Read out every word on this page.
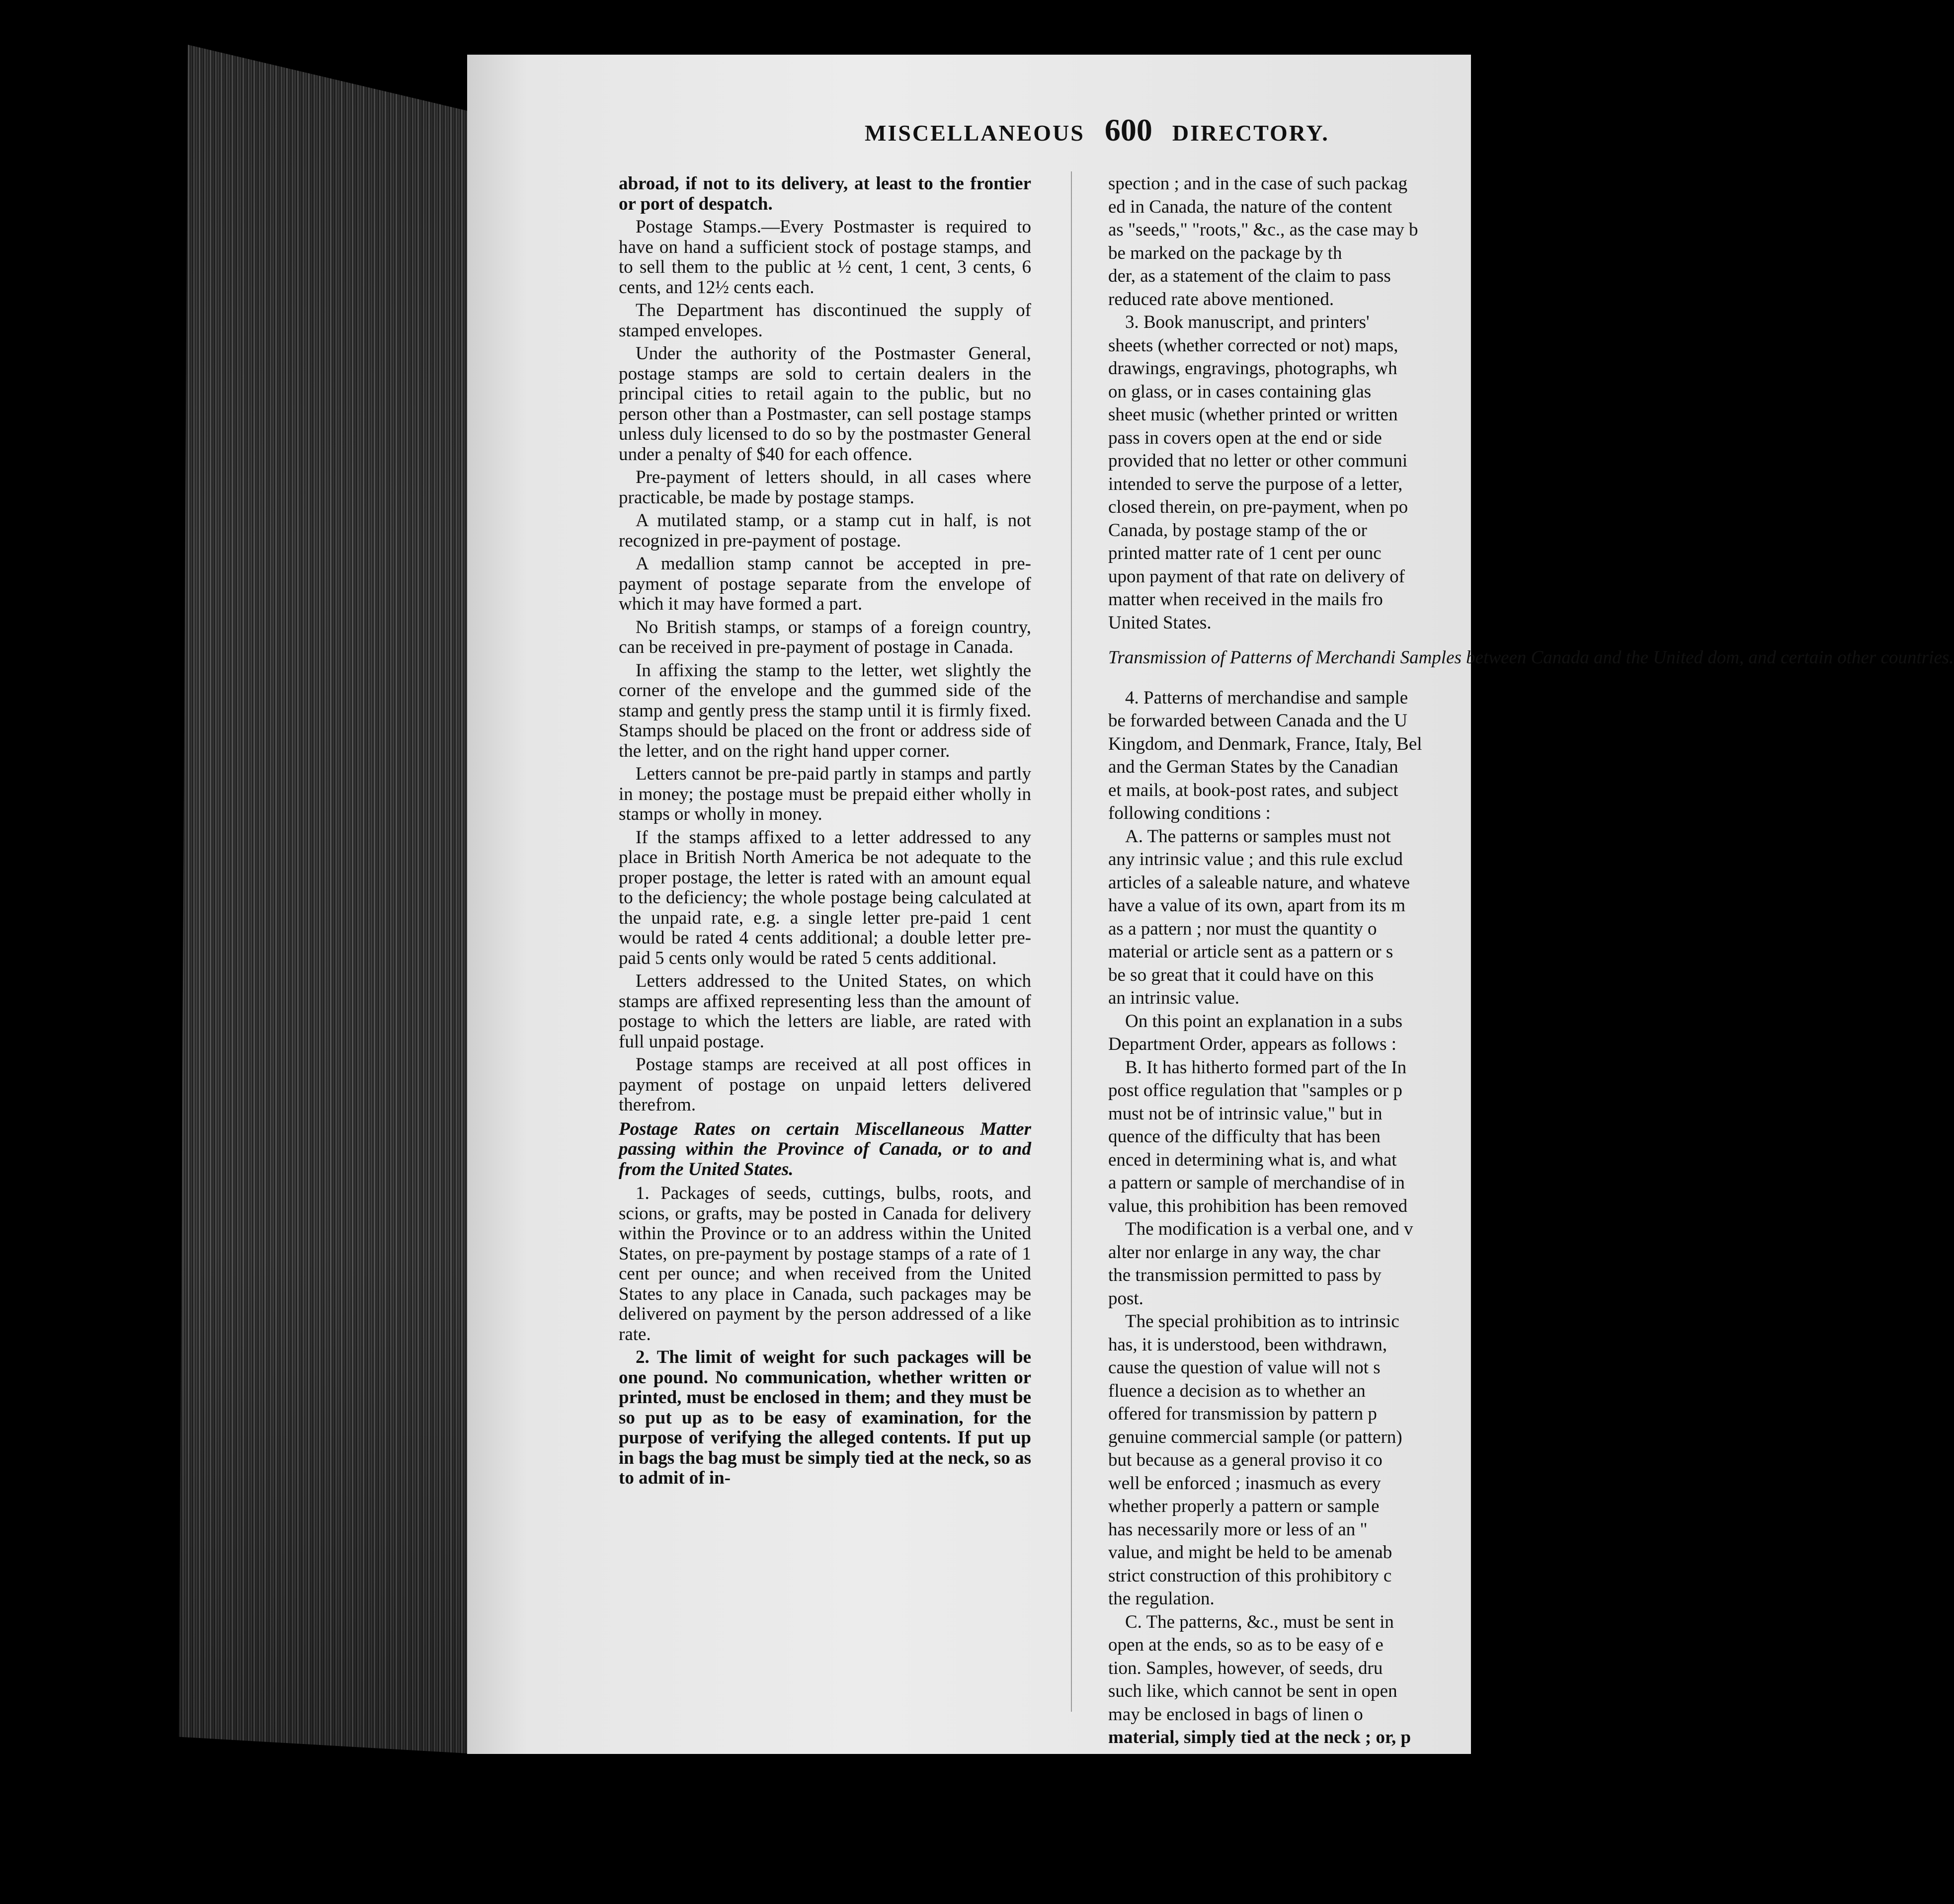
MISCELLANEOUS 600 DIRECTORY.

abroad, if not to its delivery, at least to the frontier or port of despatch.

Postage Stamps.—Every Postmaster is required to have on hand a sufficient stock of postage stamps, and to sell them to the public at ½ cent, 1 cent, 3 cents, 6 cents, and 12½ cents each.

The Department has discontinued the supply of stamped envelopes.

Under the authority of the Postmaster General, postage stamps are sold to certain dealers in the principal cities to retail again to the public, but no person other than a Postmaster, can sell postage stamps unless duly licensed to do so by the postmaster General under a penalty of $40 for each offence.

Pre-payment of letters should, in all cases where practicable, be made by postage stamps.

A mutilated stamp, or a stamp cut in half, is not recognized in pre-payment of postage.

A medallion stamp cannot be accepted in pre-payment of postage separate from the envelope of which it may have formed a part.

No British stamps, or stamps of a foreign country, can be received in pre-payment of postage in Canada.

In affixing the stamp to the letter, wet slightly the corner of the envelope and the gummed side of the stamp and gently press the stamp until it is firmly fixed. Stamps should be placed on the front or address side of the letter, and on the right hand upper corner.

Letters cannot be pre-paid partly in stamps and partly in money; the postage must be prepaid either wholly in stamps or wholly in money.

If the stamps affixed to a letter addressed to any place in British North America be not adequate to the proper postage, the letter is rated with an amount equal to the deficiency; the whole postage being calculated at the unpaid rate, e.g. a single letter pre-paid 1 cent would be rated 4 cents additional; a double letter pre-paid 5 cents only would be rated 5 cents additional.

Letters addressed to the United States, on which stamps are affixed representing less than the amount of postage to which the letters are liable, are rated with full unpaid postage.

Postage stamps are received at all post offices in payment of postage on unpaid letters delivered therefrom.

Postage Rates on certain Miscellaneous Matter passing within the Province of Canada, or to and from the United States.

1. Packages of seeds, cuttings, bulbs, roots, and scions, or grafts, may be posted in Canada for delivery within the Province or to an address within the United States, on pre-payment by postage stamps of a rate of 1 cent per ounce; and when received from the United States to any place in Canada, such packages may be delivered on payment by the person addressed of a like rate.

2. The limit of weight for such packages will be one pound. No communication, whether written or printed, must be enclosed in them; and they must be so put up as to be easy of examination, for the purpose of verifying the alleged contents. If put up in bags the bag must be simply tied at the neck, so as to admit of in-

spection ; and in the case of such packag

ed in Canada, the nature of the content

as "seeds," "roots," &c., as the case may b

be marked on the package by th

der, as a statement of the claim to pass

reduced rate above mentioned.

3. Book manuscript, and printers'

sheets (whether corrected or not) maps,

drawings, engravings, photographs, wh

on glass, or in cases containing glas

sheet music (whether printed or written

pass in covers open at the end or side

provided that no letter or other communi

intended to serve the purpose of a letter,

closed therein, on pre-payment, when po

Canada, by postage stamp of the or

printed matter rate of 1 cent per ounc

upon payment of that rate on delivery of

matter when received in the mails fro

United States.

Transmission of Patterns of Merchandi Samples between Canada and the United dom, and certain other countries.

4. Patterns of merchandise and sample

be forwarded between Canada and the U

Kingdom, and Denmark, France, Italy, Bel

and the German States by the Canadian

et mails, at book-post rates, and subject

following conditions :

A. The patterns or samples must not

any intrinsic value ; and this rule exclud

articles of a saleable nature, and whateve

have a value of its own, apart from its m

as a pattern ; nor must the quantity o

material or article sent as a pattern or s

be so great that it could have on this

an intrinsic value.

On this point an explanation in a subs

Department Order, appears as follows :

B. It has hitherto formed part of the In

post office regulation that "samples or p

must not be of intrinsic value," but in

quence of the difficulty that has been

enced in determining what is, and what

a pattern or sample of merchandise of in

value, this prohibition has been removed

The modification is a verbal one, and v

alter nor enlarge in any way, the char

the transmission permitted to pass by

post.

The special prohibition as to intrinsic

has, it is understood, been withdrawn,

cause the question of value will not s

fluence a decision as to whether an

offered for transmission by pattern p

genuine commercial sample (or pattern)

but because as a general proviso it co

well be enforced ; inasmuch as every

whether properly a pattern or sample

has necessarily more or less of an "

value, and might be held to be amenab

strict construction of this prohibitory c

the regulation.

C. The patterns, &c., must be sent in

open at the ends, so as to be easy of e

tion. Samples, however, of seeds, dru

such like, which cannot be sent in open

may be enclosed in bags of linen o

material, simply tied at the neck ; or, p
